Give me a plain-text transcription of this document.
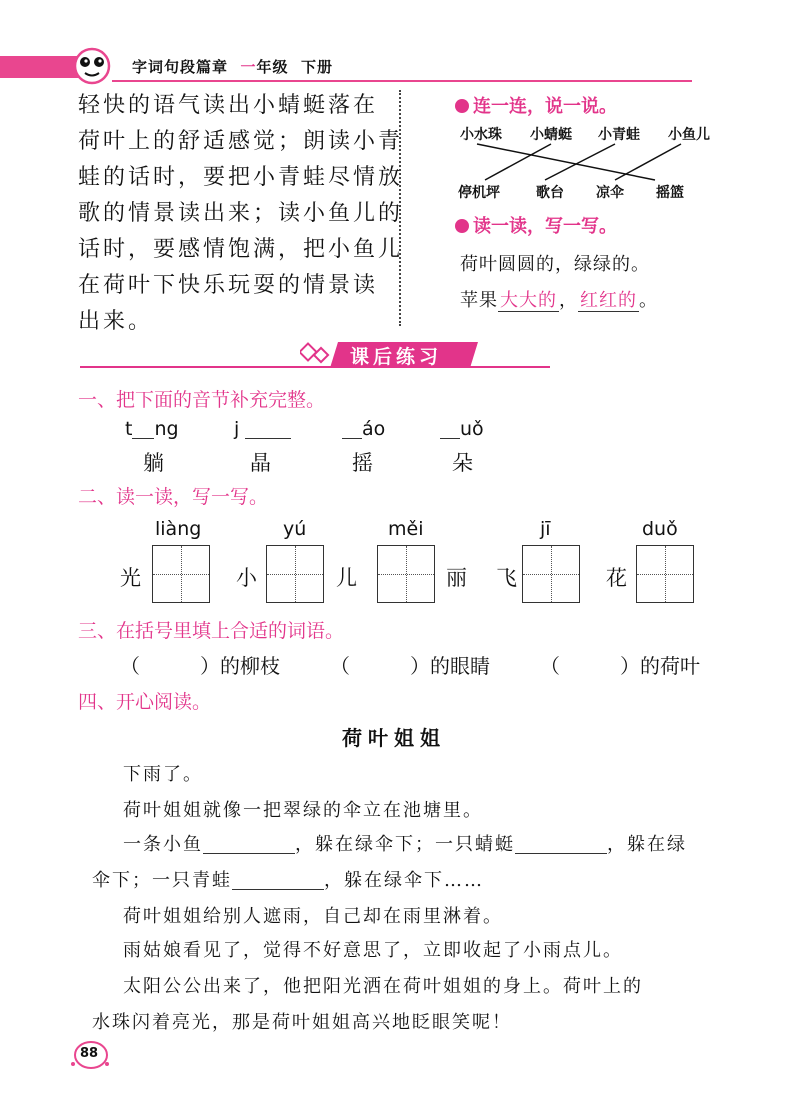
字词句段篇章 一年级 下册
轻快的语气读出小蜻蜓落在
荷叶上的舒适感觉；朗读小青
蛙的话时，要把小青蛙尽情放
歌的情景读出来；读小鱼儿的
话时，要感情饱满，把小鱼儿
在荷叶下快乐玩耍的情景读
出来。
连一连，说一说。
小水珠 小蜻蜓 小青蛙 小鱼儿
停机坪	歌台 凉伞 摇篮
读一读，写一写。
荷叶圆圆的，绿绿的。
苹果 大大的 ， 红红的 。
课后练习
一、把下面的音节补充完整。
t ng	j	áo	uǒ
躺	晶	摇	朵
二、读一读，写一写。
liàng	yú	měi	jī	duǒ
光	小	儿	丽 飞	花
三、在括号里填上合适的词语。
（　　　）的柳枝	（　　　）的眼睛	（　　　）的荷叶
四、开心阅读。
荷叶姐姐
下雨了。
荷叶姐姐就像一把翠绿的伞立在池塘里。
一条小鱼	，躲在绿伞下；一只蜻蜓	，躲在绿
伞下；一只青蛙	，躲在绿伞下……
荷叶姐姐给别人遮雨，自己却在雨里淋着。
雨姑娘看见了，觉得不好意思了，立即收起了小雨点儿。
太阳公公出来了，他把阳光洒在荷叶姐姐的身上。荷叶上的
水珠闪着亮光，那是荷叶姐姐高兴地眨眼笑呢！
88
